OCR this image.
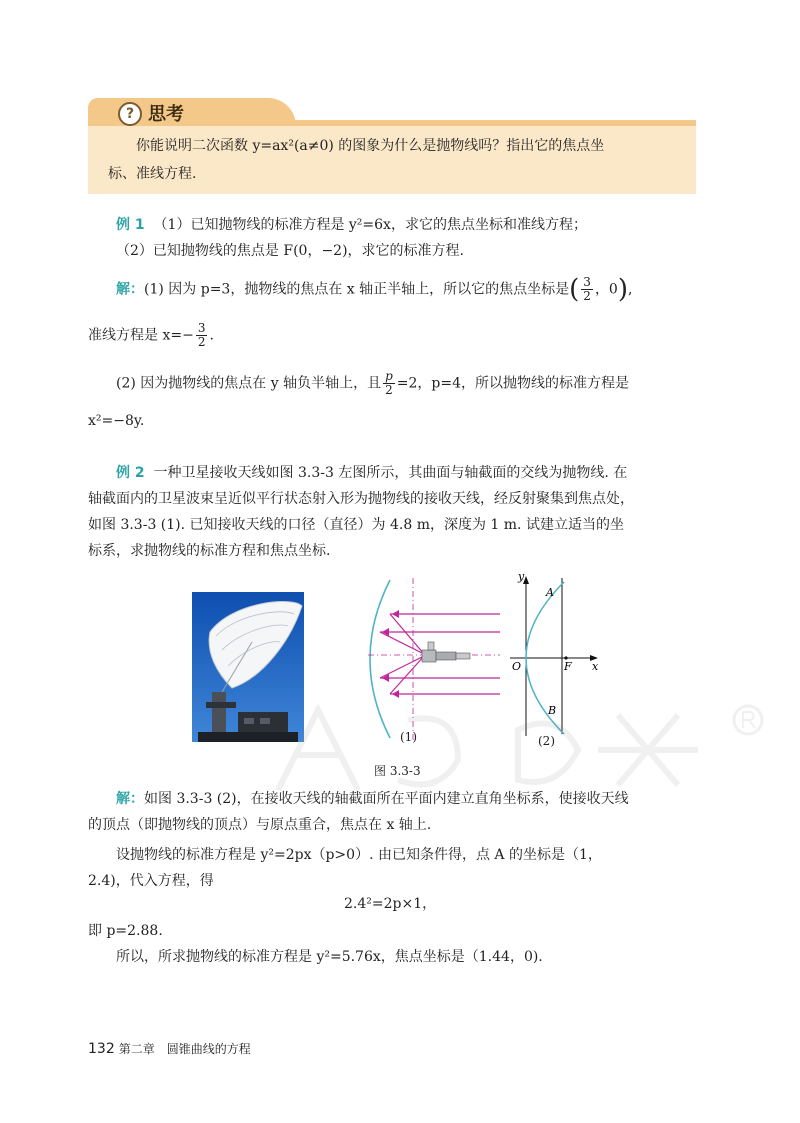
? 思考
你能说明二次函数 y=ax²(a≠0) 的图象为什么是抛物线吗？指出它的焦点坐
标、准线方程.
例 1 （1）已知抛物线的标准方程是 y²=6x，求它的焦点坐标和准线方程；
（2）已知抛物线的焦点是 F(0，−2)，求它的标准方程.
解：(1) 因为 p=3，抛物线的焦点在 x 轴正半轴上，所以它的焦点坐标是( $\frac{3}{2}$ ，0),
准线方程是 $x=- \frac{3}{2}$ .
(2) 因为抛物线的焦点在 y 轴负半轴上，且 $\frac{p}{2} =2$，p=4，所以抛物线的标准方程是
x²=−8y.
例 2 一种卫星接收天线如图 3.3-3 左图所示，其曲面与轴截面的交线为抛物线. 在
轴截面内的卫星波束呈近似平行状态射入形为抛物线的接收天线，经反射聚集到焦点处，
如图 3.3-3 (1). 已知接收天线的口径（直径）为 4.8 m，深度为 1 m. 试建立适当的坐
标系，求抛物线的标准方程和焦点坐标.
(1)
y
x
O	F
A
B
(2)
图 3.3-3
解：如图 3.3-3 (2)，在接收天线的轴截面所在平面内建立直角坐标系，使接收天线
的顶点（即抛物线的顶点）与原点重合，焦点在 x 轴上.
设抛物线的标准方程是 y²=2px（p>0）. 由已知条件得，点 A 的坐标是（1，
2.4)，代入方程，得
2.4²=2p×1，
即 p=2.88.
所以，所求抛物线的标准方程是 y²=5.76x，焦点坐标是（1.44，0).
132 第二章　圆锥曲线的方程
